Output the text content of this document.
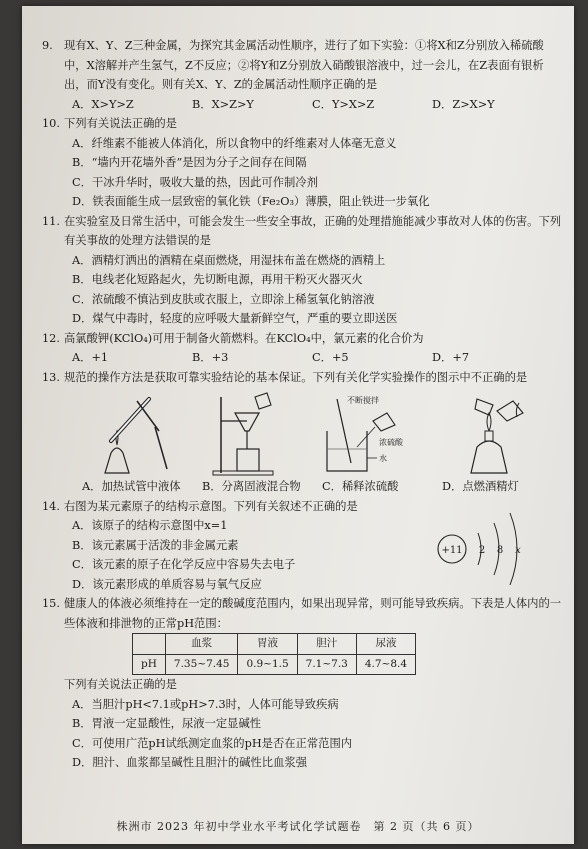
9. 现有X、Y、Z三种金属，为探究其金属活动性顺序，进行了如下实验：①将X和Z分别放入稀硫酸中，X溶解并产生氢气，Z不反应；②将Y和Z分别放入硝酸银溶液中，过一会儿，在Z表面有银析出，而Y没有变化。则有关X、Y、Z的金属活动性顺序正确的是
A．X>Y>Z	B．X>Z>Y	C．Y>X>Z	D．Z>X>Y
10. 下列有关说法正确的是

A．纤维素不能被人体消化，所以食物中的纤维素对人体毫无意义

B．“墙内开花墙外香”是因为分子之间存在间隔

C．干冰升华时，吸收大量的热，因此可作制冷剂

D．铁表面能生成一层致密的氧化铁（Fe₂O₃）薄膜，阻止铁进一步氧化

11. 在实验室及日常生活中，可能会发生一些安全事故，正确的处理措施能减少事故对人体的伤害。下列有关事故的处理方法错误的是

A．酒精灯洒出的酒精在桌面燃烧，用湿抹布盖在燃烧的酒精上

B．电线老化短路起火，先切断电源，再用干粉灭火器灭火

C．浓硫酸不慎沾到皮肤或衣服上，立即涂上稀氢氧化钠溶液

D．煤气中毒时，轻度的应呼吸大量新鲜空气，严重的要立即送医

12. 高氯酸钾(KClO₄)可用于制备火箭燃料。在KClO₄中，氯元素的化合价为
A．+1	B．+3	C．+5	D．+7
13. 规范的操作方法是获取可靠实验结论的基本保证。下列有关化学实验操作的图示中不正确的是
不断搅拌
浓硫酸
水
A．加热试管中液体	B．分离固液混合物	C．稀释浓硫酸	D．点燃酒精灯
14. 右图为某元素原子的结构示意图。下列有关叙述不正确的是

A．该原子的结构示意图中x=1

B．该元素属于活泼的非金属元素

C．该元素的原子在化学反应中容易失去电子

D．该元素形成的单质容易与氧气反应

+11 2 8 x
15. 健康人的体液必须维持在一定的酸碱度范围内，如果出现异常，则可能导致疾病。下表是人体内的一些体液和排泄物的正常pH范围：
	血浆	胃液	胆汁	尿液
pH	7.35~7.45	0.9~1.5	7.1~7.3	4.7~8.4
下列有关说法正确的是

A．当胆汁pH<7.1或pH>7.3时，人体可能导致疾病

B．胃液一定显酸性，尿液一定显碱性

C．可使用广范pH试纸测定血浆的pH是否在正常范围内

D．胆汁、血浆都呈碱性且胆汁的碱性比血浆强

株洲市 2023 年初中学业水平考试化学试题卷　第 2 页（共 6 页）
